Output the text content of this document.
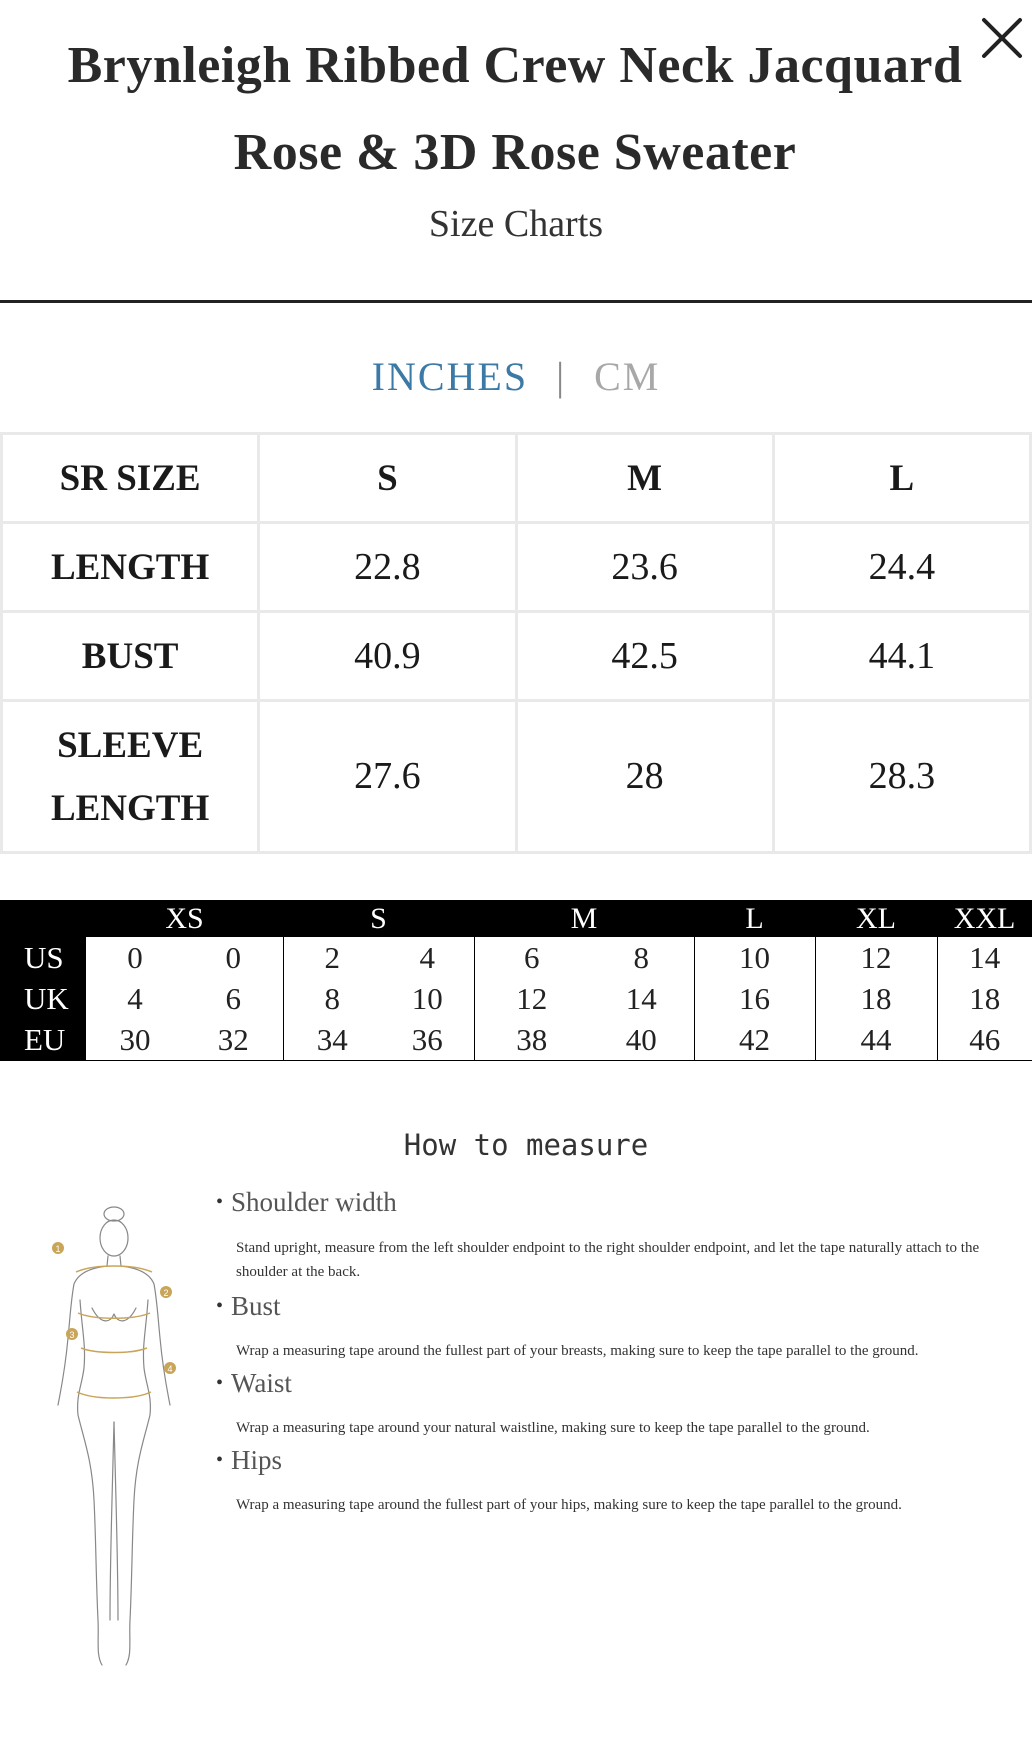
Brynleigh Ribbed Crew Neck Jacquard Rose & 3D Rose Sweater
Size Charts
INCHES | CM
SR SIZE	S	M	L
LENGTH	22.8	23.6	24.4
BUST	40.9	42.5	44.1
SLEEVE
LENGTH	27.6	28	28.3
	XS		S		M		L	XL	XXL
US	0	0	2	4	6	8	10	12	14
UK	4	6	8	10	12	14	16	18	18
EU	30	32	34	36	38	40	42	44	46
How to measure
1
2
3
4
• Shoulder width
Stand upright, measure from the left shoulder endpoint to the right shoulder endpoint, and let the tape naturally attach to the shoulder at the back.
• Bust
Wrap a measuring tape around the fullest part of your breasts, making sure to keep the tape parallel to the ground.
• Waist
Wrap a measuring tape around your natural waistline, making sure to keep the tape parallel to the ground.
• Hips
Wrap a measuring tape around the fullest part of your hips, making sure to keep the tape parallel to the ground.
